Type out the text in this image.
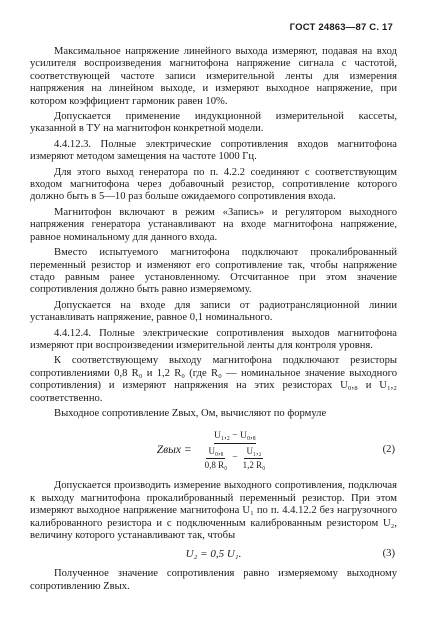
ГОСТ 24863—87 С. 17

Максимальное напряжение линейного выхода измеряют, подавая на вход усилителя воспроизведения магнитофона напряжение сигнала с частотой, соответствующей частоте записи измерительной ленты для измерения напряжения на линейном выходе, и измеряют выходное напряжение, при котором коэффициент гармоник равен 10%.

Допускается применение индукционной измерительной кассеты, указанной в ТУ на магнитофон конкретной модели.

4.4.12.3. Полные электрические сопротивления входов магнитофона измеряют методом замещения на частоте 1000 Гц.

Для этого выход генератора по п. 4.2.2 соединяют с соответствующим входом магнитофона через добавочный резистор, сопротивление которого должно быть в 5—10 раз больше ожидаемого сопротивления входа.

Магнитофон включают в режим «Запись» и регулятором выходного напряжения генератора устанавливают на входе магнитофона напряжение, равное номинальному для данного входа.

Вместо испытуемого магнитофона подключают прокалиброванный переменный резистор и изменяют его сопротивление так, чтобы напряжение стадо равным ранее установленному. Отсчитанное при этом значение сопротивления должно быть равно измеряемому.

Допускается на входе для записи от радиотрансляционной линии устанавливать напряжение, равное 0,1 номинального.

4.4.12.4. Полные электрические сопротивления выходов магнитофона измеряют при воспроизведении измерительной ленты для контроля уровня.

К соответствующему выходу магнитофона подключают резисторы сопротивлениями 0,8 R₀ и 1,2 R₀ (где R₀ — номинальное значение выходного сопротивления) и измеряют напряжения на этих резисторах U₀,₈ и U₁,₂ соответственно.

Выходное сопротивление Zвых, Ом, вычисляют по формуле

Zвых =
U₁,₂ − U₀,₈
$\frac{\text{U₀,₈}}{\text{0,8 R₀}} - \frac{\text{U₁,₂}}{\text{1,2 R₀}}$	(2)

Допускается производить измерение выходного сопротивления, подключая к выходу магнитофона прокалиброванный переменный резистор. При этом измеряют выходное напряжение магнитофона U₁ по п. 4.4.12.2 без нагрузочного калиброванного резистора и с подключенным калиброванным резистором U₂, величину которого устанавливают так, чтобы

U₂ = 0,5 U₁.	(3)

Полученное значение сопротивления равно измеряемому выходному сопротивлению Zвых.
